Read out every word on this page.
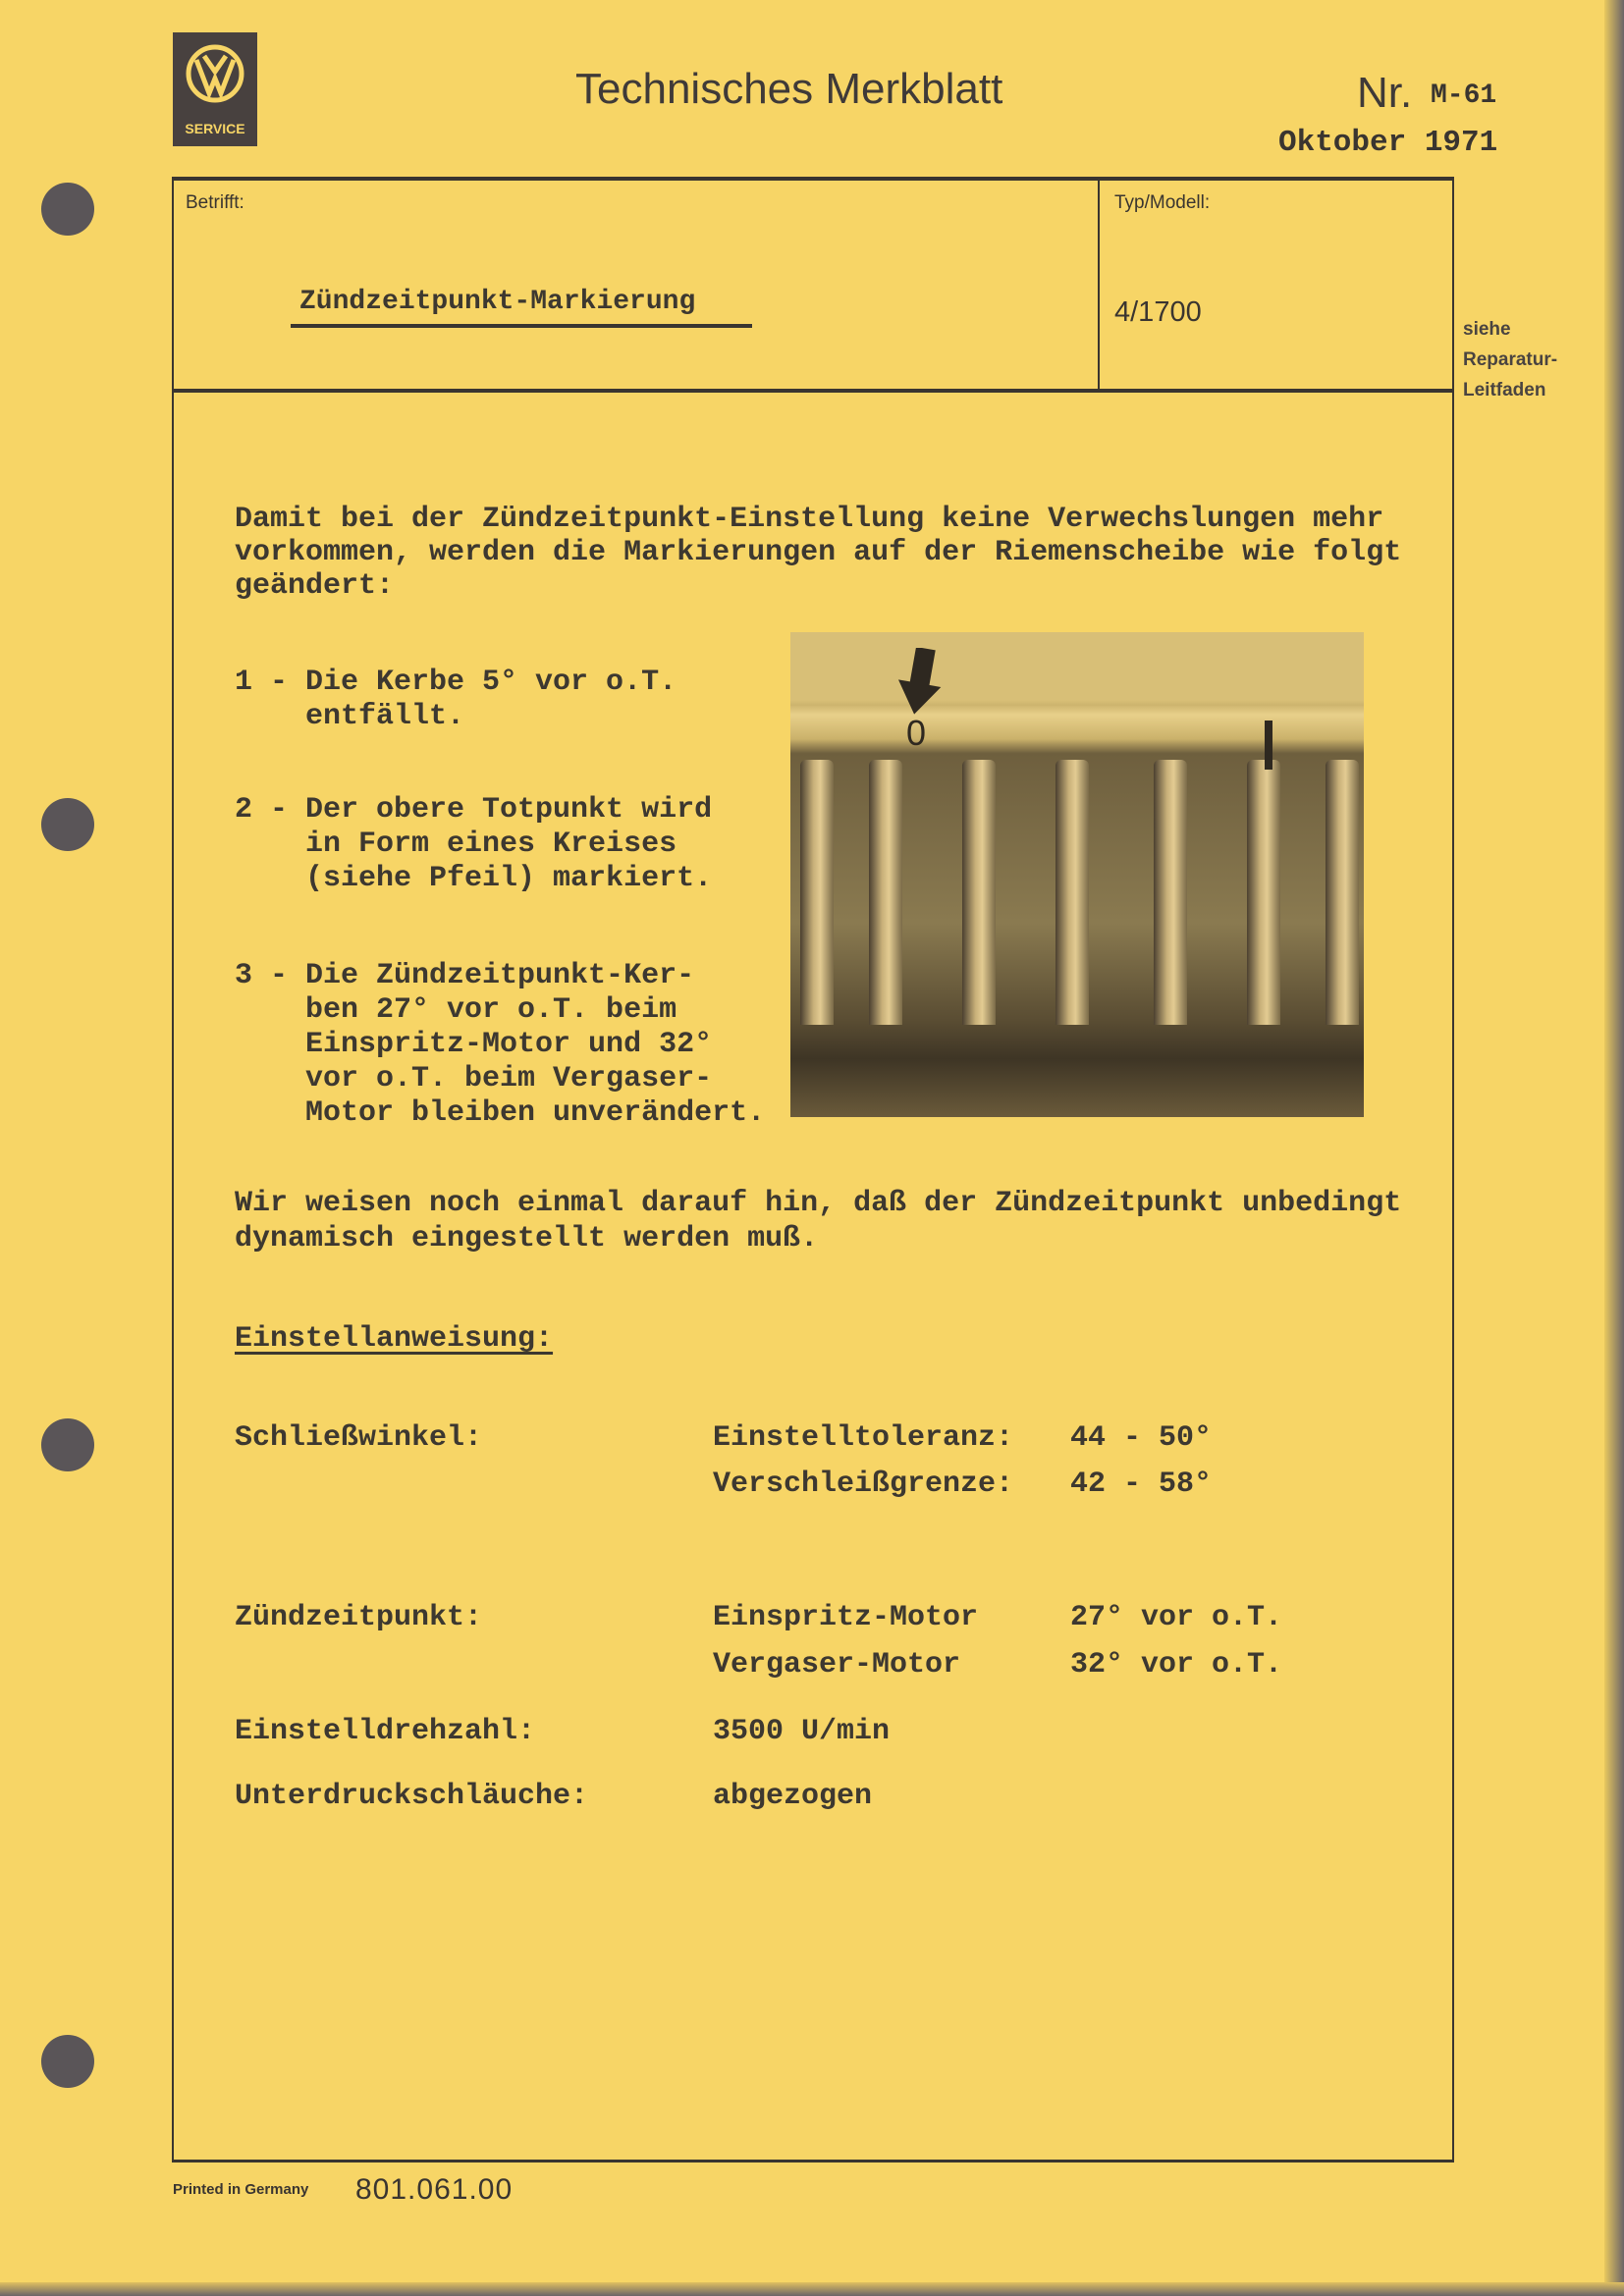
SERVICE
Technisches Merkblatt	Nr. M-61
Oktober 1971
Betrifft:
Zündzeitpunkt-Markierung
Typ/Modell:
4/1700
siehe
Reparatur-
Leitfaden
Damit bei der Zündzeitpunkt-Einstellung keine Verwechslungen mehr
vorkommen, werden die Markierungen auf der Riemenscheibe wie folgt
geändert:
1 - Die Kerbe 5° vor o.T.
entfällt.
2 - Der obere Totpunkt wird
in Form eines Kreises
(siehe Pfeil) markiert.
3 - Die Zündzeitpunkt-Ker-
ben 27° vor o.T. beim
Einspritz-Motor und 32°
vor o.T. beim Vergaser-
Motor bleiben unverändert.
0
Wir weisen noch einmal darauf hin, daß der Zündzeitpunkt unbedingt
dynamisch eingestellt werden muß.
Einstellanweisung:
Schließwinkel:	Einstelltoleranz: 44 - 50°
Verschleißgrenze: 42 - 58°
Zündzeitpunkt:	Einspritz-Motor	27° vor o.T.
Vergaser-Motor	32° vor o.T.
Einstelldrehzahl:	3500 U/min
Unterdruckschläuche:	abgezogen
Printed in Germany 801.061.00
